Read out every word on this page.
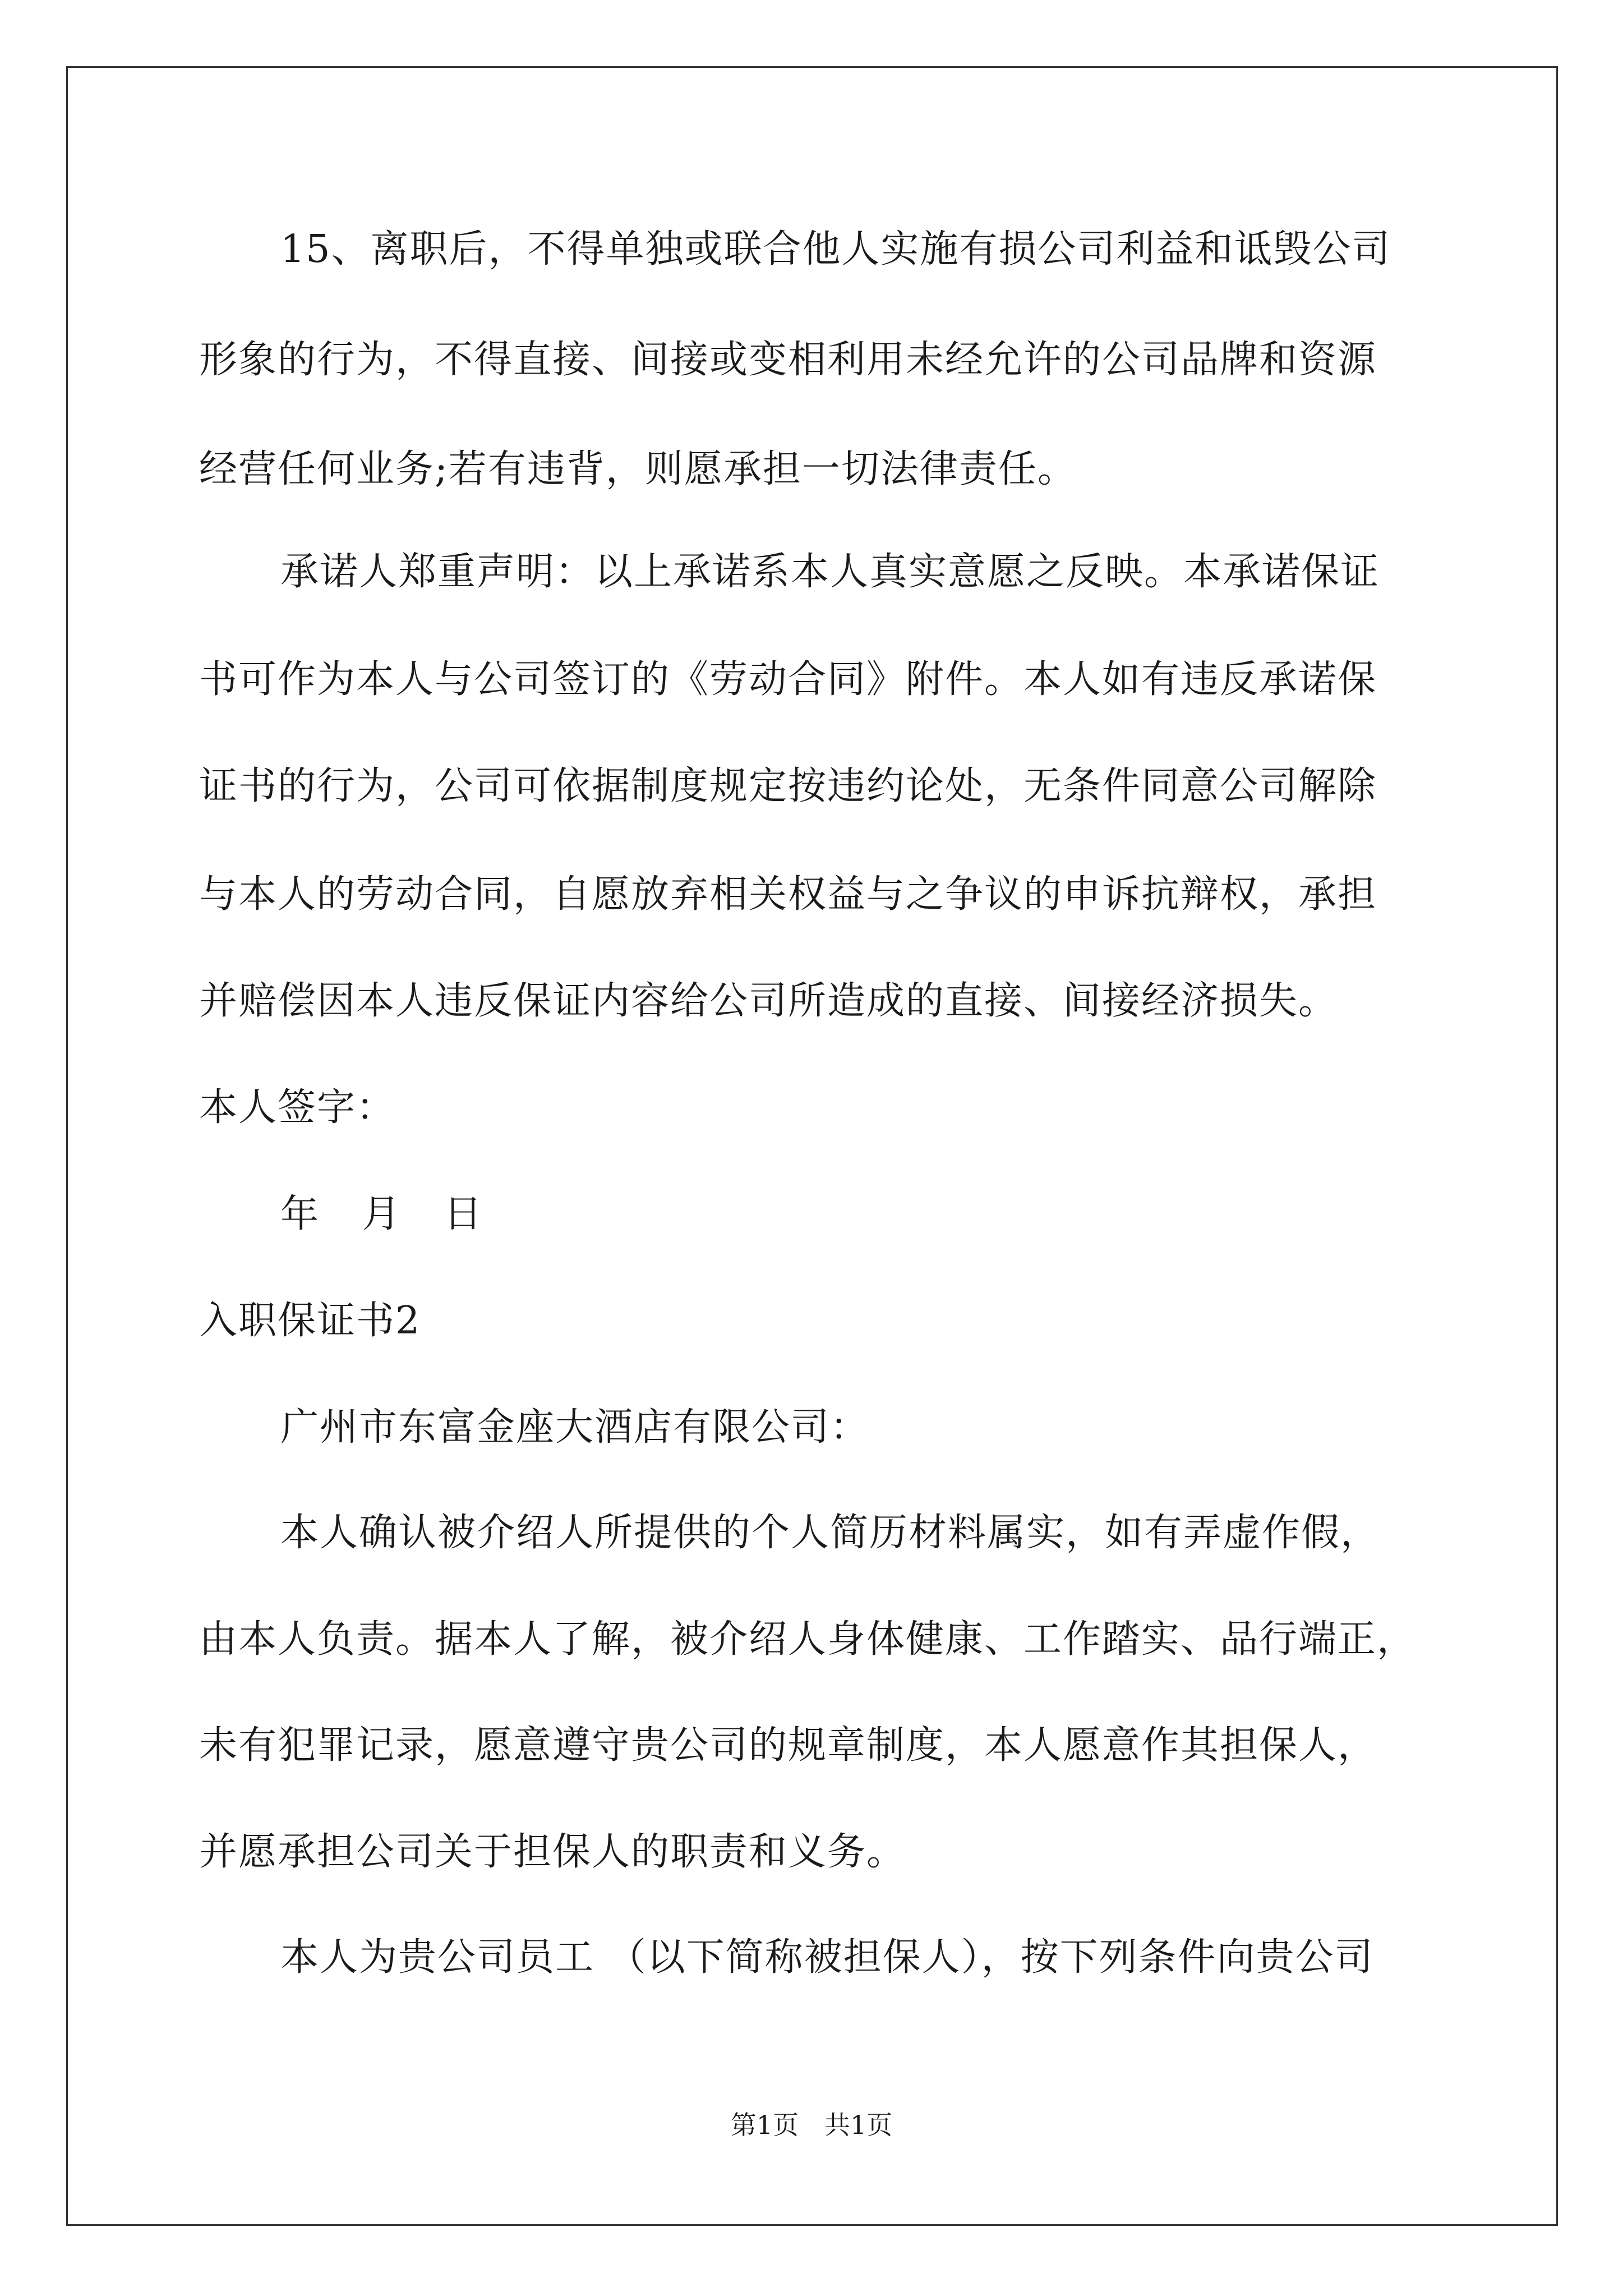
15、离职后，不得单独或联合他人实施有损公司利益和诋毁公司
形象的行为，不得直接、间接或变相利用未经允许的公司品牌和资源
经营任何业务;若有违背，则愿承担一切法律责任。
承诺人郑重声明：以上承诺系本人真实意愿之反映。本承诺保证
书可作为本人与公司签订的《劳动合同》附件。本人如有违反承诺保
证书的行为，公司可依据制度规定按违约论处，无条件同意公司解除
与本人的劳动合同，自愿放弃相关权益与之争议的申诉抗辩权，承担
并赔偿因本人违反保证内容给公司所造成的直接、间接经济损失。
本人签字：
年 月 日
入职保证书2
广州市东富金座大酒店有限公司：
本人确认被介绍人所提供的个人简历材料属实，如有弄虚作假，
由本人负责。据本人了解，被介绍人身体健康、工作踏实、品行端正，
未有犯罪记录，愿意遵守贵公司的规章制度，本人愿意作其担保人，
并愿承担公司关于担保人的职责和义务。
本人为贵公司员工 （以下简称被担保人），按下列条件向贵公司
第1页　共1页
